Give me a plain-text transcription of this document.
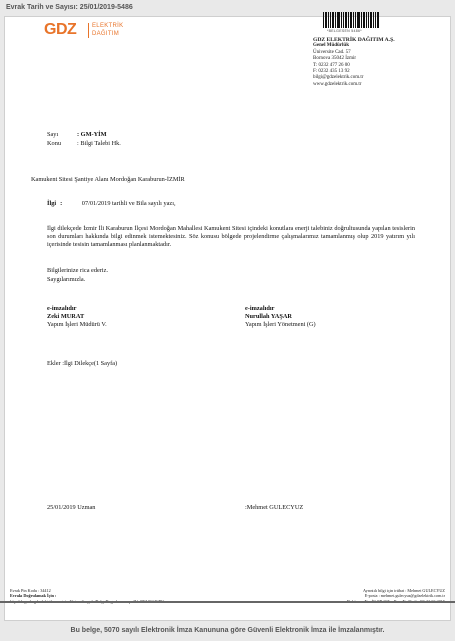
Evrak Tarih ve Sayısı: 25/01/2019-5486
GDZ	ELEKTRİK
DAĞITIM	*BELGESEN 5486*
GDZ ELEKTRİK DAĞITIM A.Ş.
Genel Müdürlük
Üniversite Cad. 57
Bornova 35042 İzmir
T: 0232 477 26 00
F: 0232 435 13 92
bilgi@gdzelektrik.com.tr
www.gdzelektrik.com.tr
Sayı	: GM-YİM
Konu	: Bilgi Talebi Hk.
Kamukent Sitesi Şantiye Alanı Mordoğan Karaburun-İZMİR
İlgi :	07/01/2019 tarihli ve Bila sayılı yazı,
İlgi dilekçede İzmir İli Karaburun İlçesi Mordoğan Mahallesi Kamukent Sitesi içindeki konutlara enerji talebiniz doğrultusunda yapılan tesislerin son durumları hakkında bilgi edinmek istemektesiniz. Söz konusu bölgede projelendirme çalışmalarımız tamamlanmış olup 2019 yatırım yılı içerisinde tesisin tamamlanması planlanmaktadır.
Bilgilerinize rica ederiz.
Saygılarımızla.
e-imzalıdır
Zeki MURAT
Yapım İşleri Müdürü V.
e-imzalıdır
Nurullah YAŞAR
Yapım İşleri Yönetmeni (G)
Ekler :İlgi Dilekçe(1 Sayfa)
25/01/2019 Uzman	:Mehmet GULECYUZ
Evrak Pin Kodu : 34412
Evrakı Doğrulamak İçin :
http://dogrula.gdzelektrik.com.tr/enVision.Sorgula/BelgeDogrulama.aspx?V=BEL966ICRV
Ayrıntılı bilgi için irtibat : Mehmet GULECYUZ
E-posta : mehmet.gulecyuz@gdzelektrik.com.tr
Doküman No: İK.FR.025 – Rev. No/Tarih: 03/ 22.06.2015
Bu belge, 5070 sayılı Elektronik İmza Kanununa göre Güvenli Elektronik İmza ile İmzalanmıştır.
